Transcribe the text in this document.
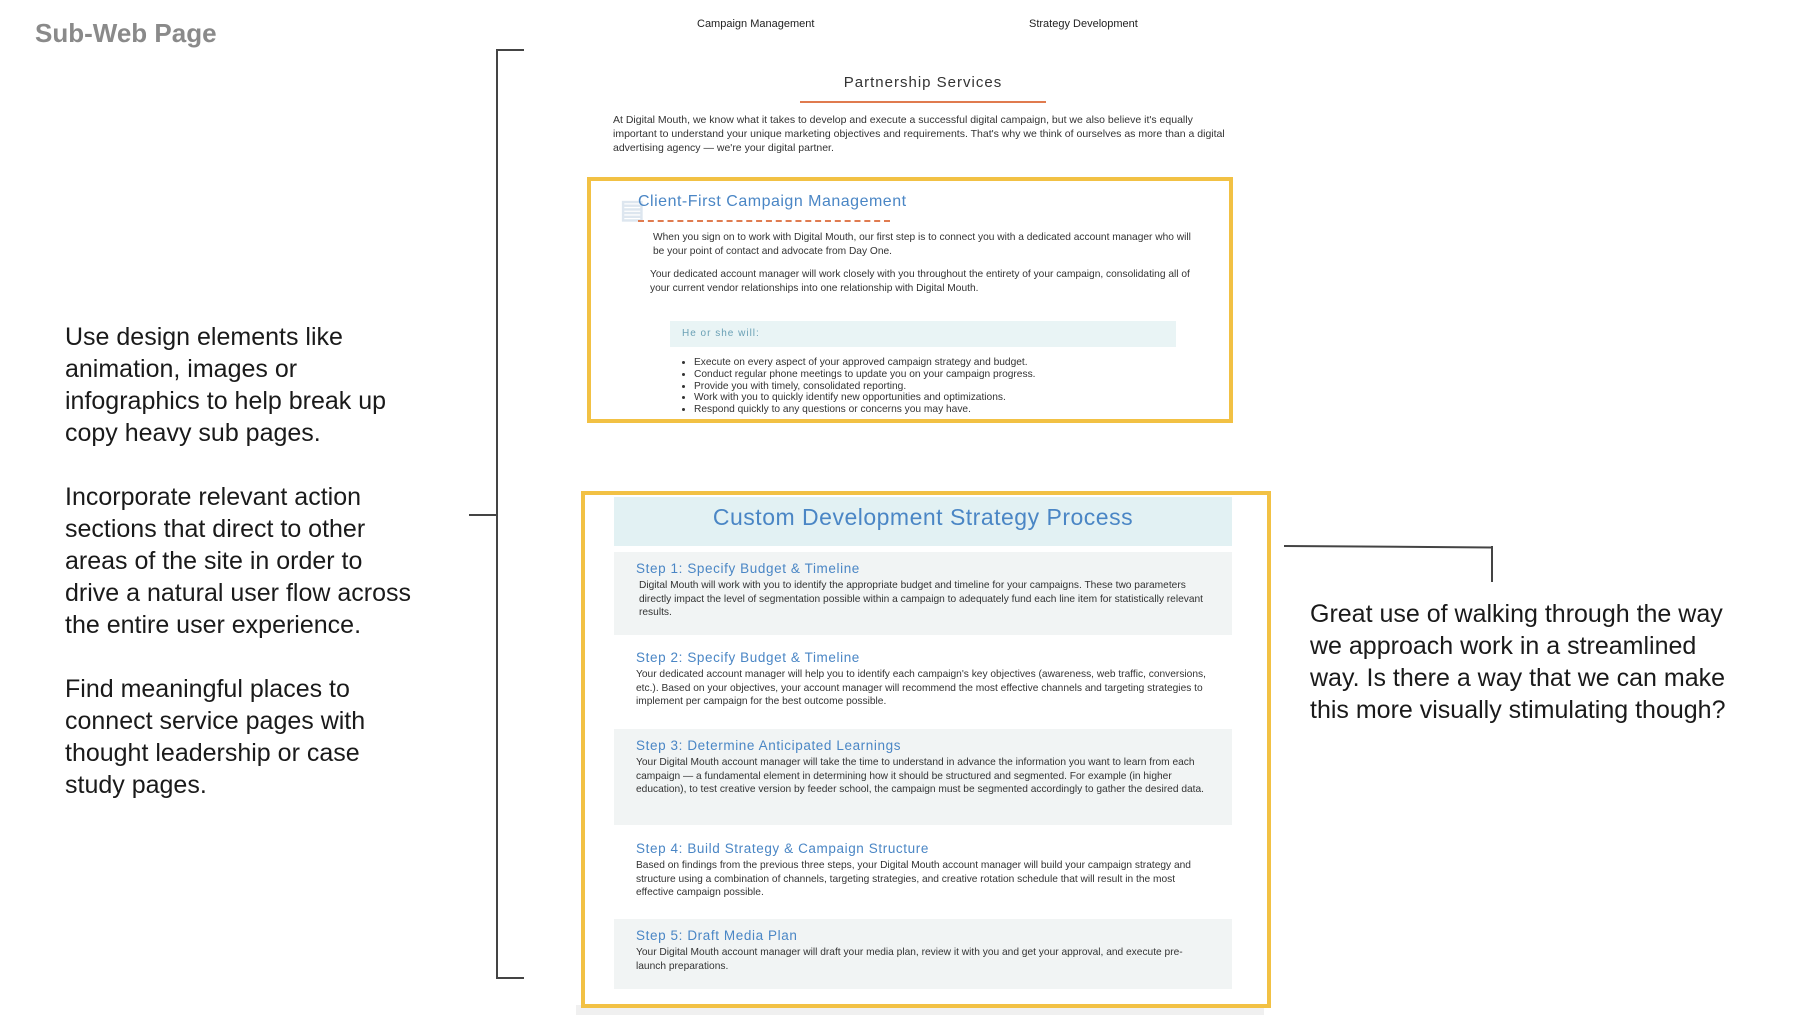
Sub-Web Page

Use design elements like
animation, images or
infographics to help break up
copy heavy sub pages.

Incorporate relevant action
sections that direct to other
areas of the site in order to
drive a natural user flow across
the entire user experience.

Find meaningful places to
connect service pages with
thought leadership or case
study pages.

Campaign Management	Strategy Development
Partnership Services
At Digital Mouth, we know what it takes to develop and execute a successful digital campaign, but we also believe it's equally important to understand your unique marketing objectives and requirements. That's why we think of ourselves as more than a digital advertising agency — we're your digital partner.
▤
Client-First Campaign Management
When you sign on to work with Digital Mouth, our first step is to connect you with a dedicated account manager who will be your point of contact and advocate from Day One.
Your dedicated account manager will work closely with you throughout the entirety of your campaign, consolidating all of your current vendor relationships into one relationship with Digital Mouth.
He or she will:
• Execute on every aspect of your approved campaign strategy and budget.
• Conduct regular phone meetings to update you on your campaign progress.
• Provide you with timely, consolidated reporting.
• Work with you to quickly identify new opportunities and optimizations.
• Respond quickly to any questions or concerns you may have.
Custom Development Strategy Process
Step 1: Specify Budget & Timeline
Digital Mouth will work with you to identify the appropriate budget and timeline for your campaigns. These two parameters directly impact the level of segmentation possible within a campaign to adequately fund each line item for statistically relevant results.
Step 2: Specify Budget & Timeline
Your dedicated account manager will help you to identify each campaign's key objectives (awareness, web traffic, conversions, etc.). Based on your objectives, your account manager will recommend the most effective channels and targeting strategies to implement per campaign for the best outcome possible.
Step 3: Determine Anticipated Learnings
Your Digital Mouth account manager will take the time to understand in advance the information you want to learn from each campaign — a fundamental element in determining how it should be structured and segmented. For example (in higher education), to test creative version by feeder school, the campaign must be segmented accordingly to gather the desired data.
Step 4: Build Strategy & Campaign Structure
Based on findings from the previous three steps, your Digital Mouth account manager will build your campaign strategy and structure using a combination of channels, targeting strategies, and creative rotation schedule that will result in the most effective campaign possible.
Step 5: Draft Media Plan
Your Digital Mouth account manager will draft your media plan, review it with you and get your approval, and execute pre-launch preparations.
Great use of walking through the way we approach work in a streamlined way. Is there a way that we can make this more visually stimulating though?
